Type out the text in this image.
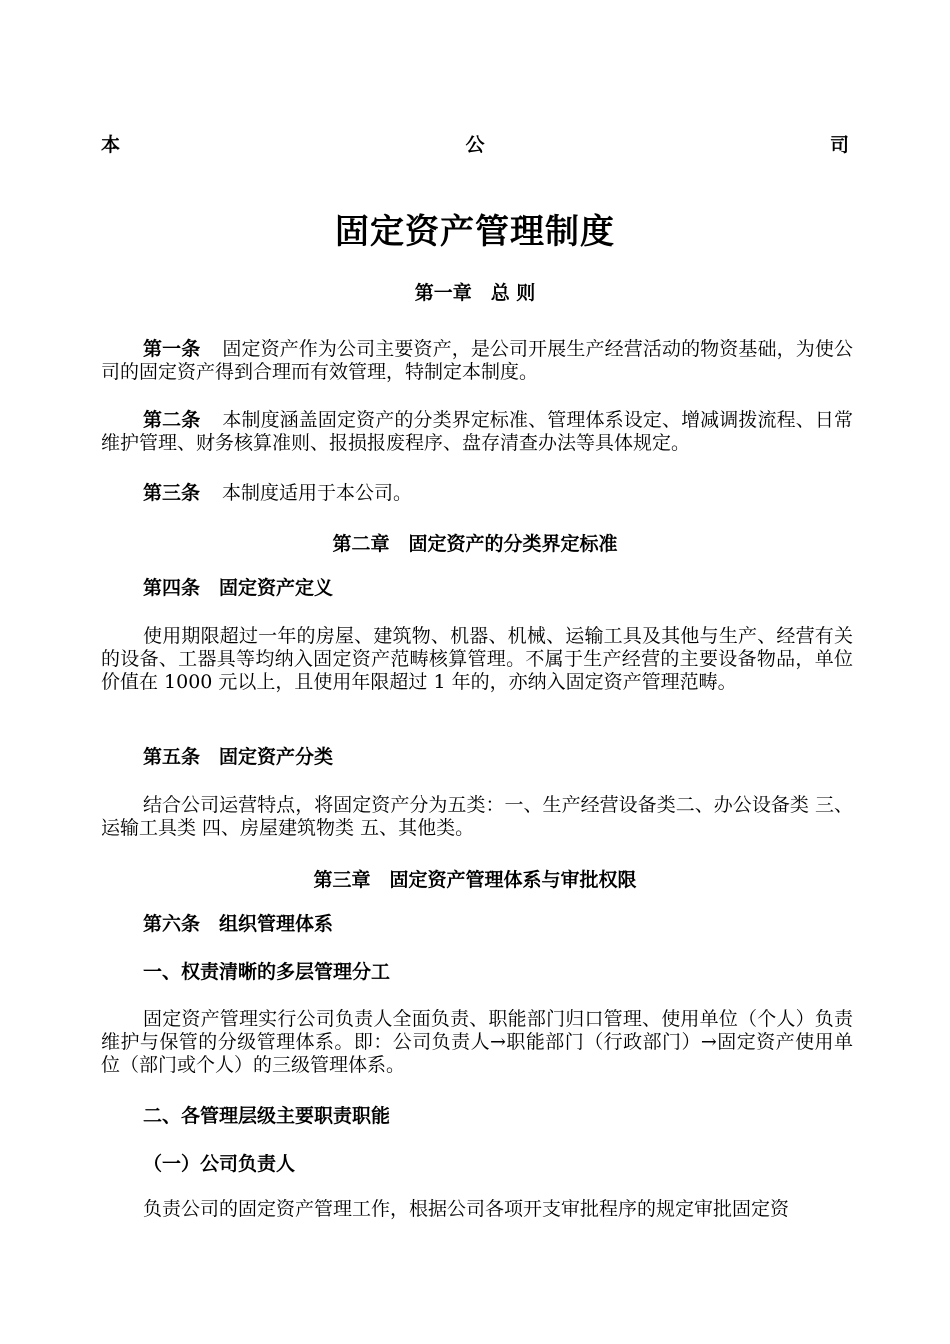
本	公	司
固定资产管理制度
第一章　总 则
第一条 固定资产作为公司主要资产，是公司开展生产经营活动的物资基础，为使公司的固定资产得到合理而有效管理，特制定本制度。
第二条 本制度涵盖固定资产的分类界定标准、管理体系设定、增减调拨流程、日常维护管理、财务核算准则、报损报废程序、盘存清查办法等具体规定。
第三条 本制度适用于本公司。
第二章　固定资产的分类界定标准
第四条　固定资产定义
使用期限超过一年的房屋、建筑物、机器、机械、运输工具及其他与生产、经营有关的设备、工器具等均纳入固定资产范畴核算管理。不属于生产经营的主要设备物品，单位价值在 1000 元以上，且使用年限超过 1 年的，亦纳入固定资产管理范畴。
第五条　固定资产分类
结合公司运营特点，将固定资产分为五类：一、生产经营设备类二、办公设备类 三、运输工具类 四、房屋建筑物类 五、其他类。
第三章　固定资产管理体系与审批权限
第六条　组织管理体系
一、权责清晰的多层管理分工
固定资产管理实行公司负责人全面负责、职能部门归口管理、使用单位（个人）负责维护与保管的分级管理体系。即：公司负责人→职能部门（行政部门）→固定资产使用单位（部门或个人）的三级管理体系。
二、各管理层级主要职责职能
（一）公司负责人
负责公司的固定资产管理工作，根据公司各项开支审批程序的规定审批固定资
